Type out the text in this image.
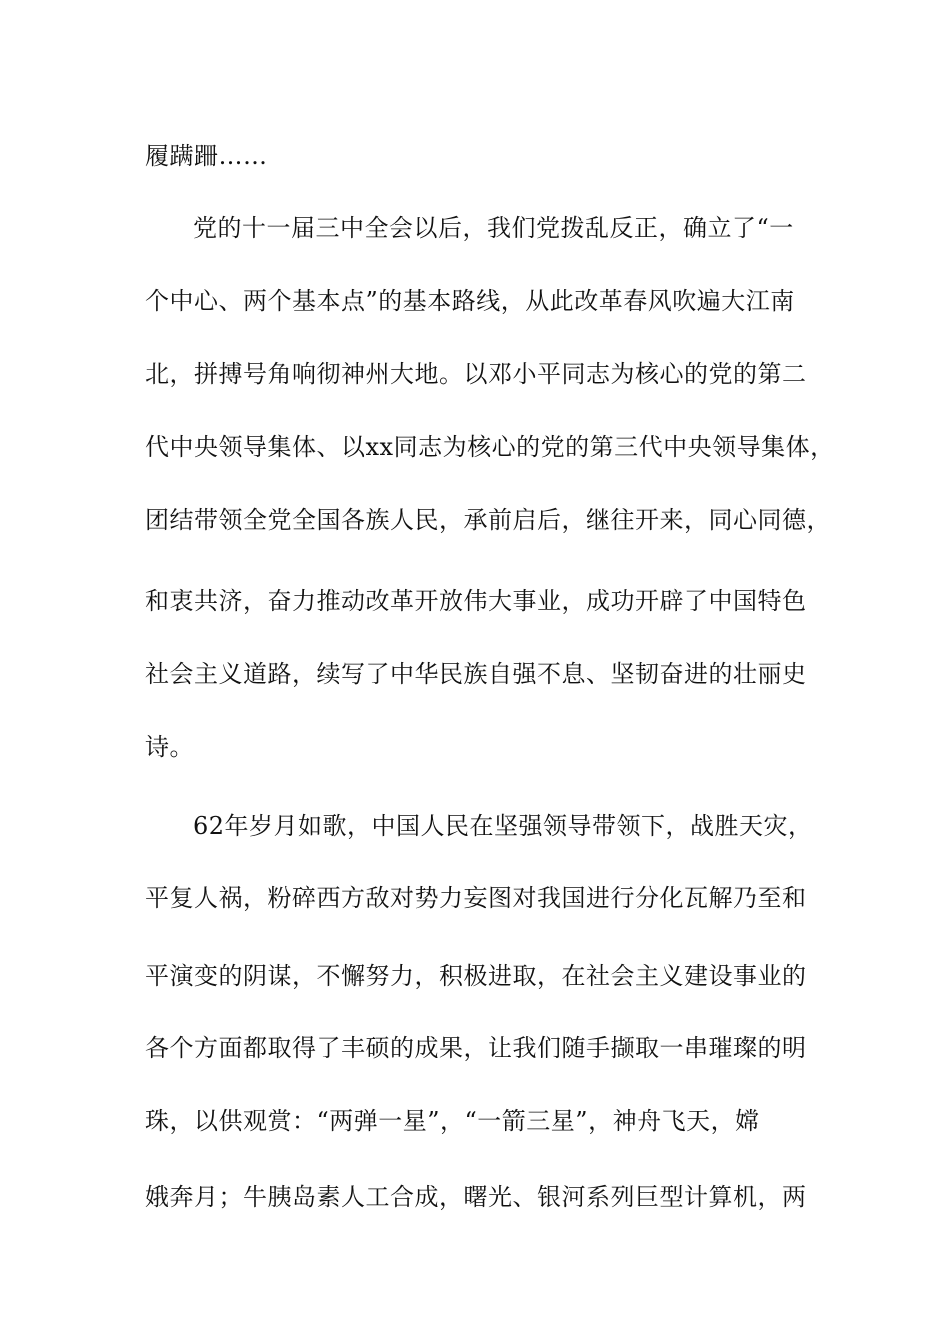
履蹒跚……
党的十一届三中全会以后，我们党拨乱反正，确立了“一
个中心、两个基本点”的基本路线，从此改革春风吹遍大江南
北，拼搏号角响彻神州大地。以邓小平同志为核心的党的第二
代中央领导集体、以xx同志为核心的党的第三代中央领导集体，
团结带领全党全国各族人民，承前启后，继往开来，同心同德，
和衷共济，奋力推动改革开放伟大事业，成功开辟了中国特色
社会主义道路，续写了中华民族自强不息、坚韧奋进的壮丽史
诗。
62年岁月如歌，中国人民在坚强领导带领下，战胜天灾，
平复人祸，粉碎西方敌对势力妄图对我国进行分化瓦解乃至和
平演变的阴谋，不懈努力，积极进取，在社会主义建设事业的
各个方面都取得了丰硕的成果，让我们随手撷取一串璀璨的明
珠，以供观赏：“两弹一星”，“一箭三星”，神舟飞天，嫦
娥奔月；牛胰岛素人工合成，曙光、银河系列巨型计算机，两
